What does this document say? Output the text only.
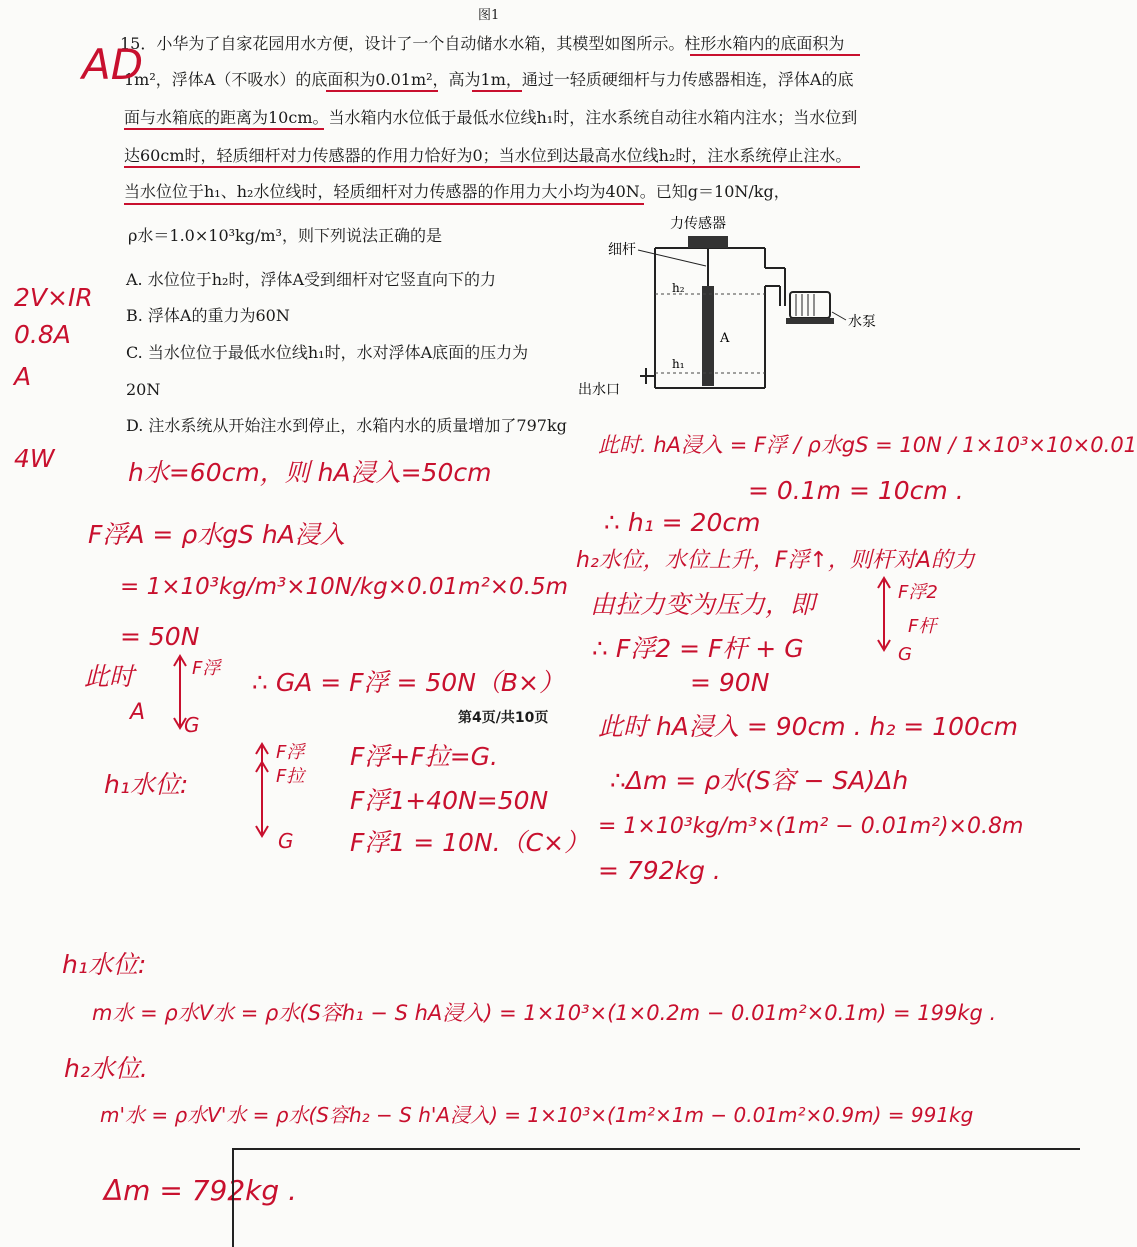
图1
15．小华为了自家花园用水方便，设计了一个自动储水水箱，其模型如图所示。柱形水箱内的底面积为
1m²，浮体A（不吸水）的底面积为0.01m²，高为1m，通过一轻质硬细杆与力传感器相连，浮体A的底
面与水箱底的距离为10cm。当水箱内水位低于最低水位线h₁时，注水系统自动往水箱内注水；当水位到
达60cm时，轻质细杆对力传感器的作用力恰好为0；当水位到达最高水位线h₂时，注水系统停止注水。
当水位位于h₁、h₂水位线时，轻质细杆对力传感器的作用力大小均为40N。已知g＝10N/kg，
ρ水＝1.0×10³kg/m³，则下列说法正确的是
A. 水位位于h₂时，浮体A受到细杆对它竖直向下的力
B. 浮体A的重力为60N
C. 当水位位于最低水位线h₁时，水对浮体A底面的压力为
20N
D. 注水系统从开始注水到停止，水箱内水的质量增加了797kg
力传感器
细杆
h₂
h₁
A
水泵
出水口
第4页/共10页
AD
2V×IR
0.8A
A
4W	h水=60cm，则 hA浸入=50cm
F浮A = ρ水gS hA浸入
= 1×10³kg/m³×10N/kg×0.01m²×0.5m
= 50N
此时	F浮 ∴ GA = F浮 = 50N（B×）
A G
h₁水位:
F浮
F拉
G
F浮+F拉=G.
F浮1+40N=50N
F浮1 = 10N.（C×）
此时. hA浸入 = F浮 / ρ水gS = 10N / 1×10³×10×0.01
= 0.1m = 10cm .
∴ h₁ = 20cm
h₂水位，水位上升，F浮↑，则杆对A的力
由拉力变为压力，即	F浮2
F杆
G
∴ F浮2 = F杆 + G
= 90N
此时 hA浸入 = 90cm . h₂ = 100cm
∴Δm = ρ水(S容 − SA)Δh
= 1×10³kg/m³×(1m² − 0.01m²)×0.8m
= 792kg .
h₁水位:
m水 = ρ水V水 = ρ水(S容h₁ − S hA浸入) = 1×10³×(1×0.2m − 0.01m²×0.1m) = 199kg .
h₂水位.
m'水 = ρ水V'水 = ρ水(S容h₂ − S h'A浸入) = 1×10³×(1m²×1m − 0.01m²×0.9m) = 991kg
Δm = 792kg .
